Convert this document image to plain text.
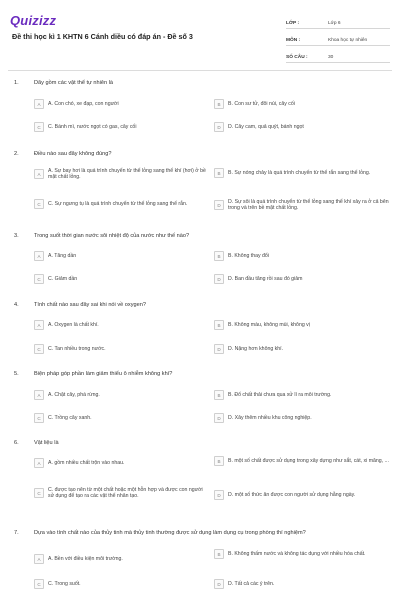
Quizizz
Đề thi học kì 1 KHTN 6 Cánh diều có đáp án - Đề số 3
LỚP :	Lớp 6
MÔN :	Khoa học tự nhiên
SỐ CÂU :	30
1.	Dãy gồm các vật thể tự nhiên là
A	A. Con chó, xe đạp, con người	B	B. Con sư tử, đôi núi, cây cối
C	C. Bánh mì, nước ngọt có gas, cây cối	D	D. Cây cam, quả quýt, bánh ngọt
2.	Điều nào sau đây không đúng?
A
A. Sự bay hơi là quá trình chuyển từ thể lỏng sang thể khí (hơi) ở bề mặt chất lỏng.
B	B. Sự nóng chảy là quá trình chuyển từ thể rắn sang thể lỏng.
C	C. Sự ngưng tụ là quá trình chuyển từ thể lỏng sang thể rắn.	D
D. Sự sôi là quá trình chuyển từ thể lỏng sang thể khí xảy ra ở cả bên trong và trên bề mặt chất lỏng.
3.	Trong suốt thời gian nước sôi nhiệt độ của nước như thế nào?
A	A. Tăng dần	B	B. Không thay đổi
C	C. Giảm dần	D	D. Ban đầu tăng rồi sau đó giảm
4.	Tính chất nào sau đây sai khi nói về oxygen?
A	A. Oxygen là chất khí.	B	B. Không màu, không mùi, không vị
C	C. Tan nhiều trong nước.	D	D. Nặng hơn không khí.
5.	Biện pháp góp phần làm giảm thiểu ô nhiễm không khí?
A	A. Chặt cây, phá rừng.	B	B. Đổ chất thải chưa qua xử lí ra môi trường.
C	C. Trồng cây xanh.	D	D. Xây thêm nhiều khu công nghiệp.
6.	Vật liệu là
A	A. gồm nhiều chất trộn vào nhau.	B	B. một số chất được sử dụng trong xây dựng như sắt, cát, xi măng, ...
C
C. được tạo nên từ một chất hoặc một hỗn hợp và được con người sử dụng để tạo ra các vật thể nhân tạo.	D	D. một số thức ăn được con người sử dụng hằng ngày.
7.	Dựa vào tính chất nào của thủy tinh mà thủy tinh thường được sử dụng làm dụng cụ trong phòng thí nghiệm?
A	A. Bền với điều kiện môi trường.
B	B. Không thấm nước và không tác dụng với nhiều hóa chất.
C	C. Trong suốt.	D	D. Tất cả các ý trên.
